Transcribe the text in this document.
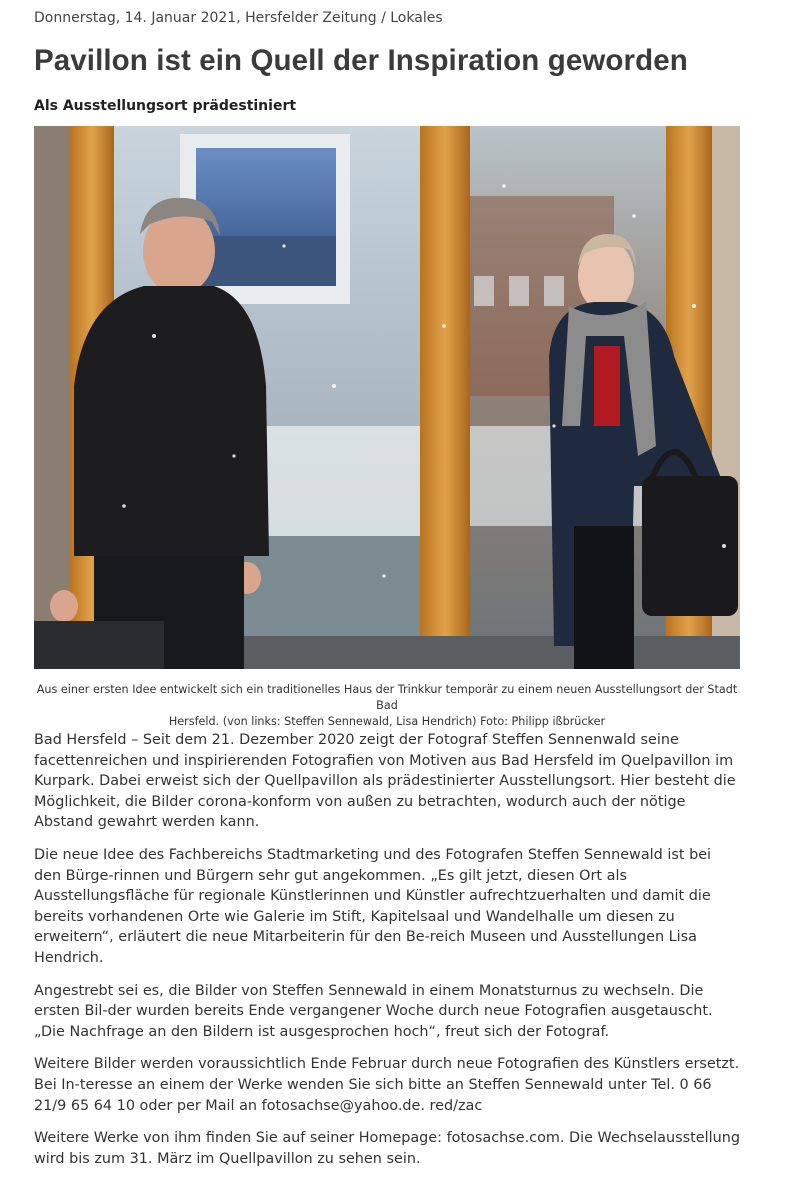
Donnerstag, 14. Januar 2021, Hersfelder Zeitung / Lokales
Pavillon ist ein Quell der Inspiration geworden
Als Ausstellungsort prädestiniert
Aus einer ersten Idee entwickelt sich ein traditionelles Haus der Trinkkur temporär zu einem neuen Ausstellungsort der Stadt Bad
Hersfeld. (von links: Steffen Sennewald, Lisa Hendrich) Foto: Philipp ißbrücker

Bad Hersfeld – Seit dem 21. Dezember 2020 zeigt der Fotograf Steffen Sennenwald seine facettenreichen und inspirierenden Fotografien von Motiven aus Bad Hersfeld im Quelpavillon im Kurpark. Dabei erweist sich der Quellpavillon als prädestinierter Ausstellungsort. Hier besteht die Möglichkeit, die Bilder corona-konform von außen zu betrachten, wodurch auch der nötige Abstand gewahrt werden kann.

Die neue Idee des Fachbereichs Stadtmarketing und des Fotografen Steffen Sennewald ist bei den Bürge-rinnen und Bürgern sehr gut angekommen. „Es gilt jetzt, diesen Ort als Ausstellungsfläche für regionale Künstlerinnen und Künstler aufrechtzuerhalten und damit die bereits vorhandenen Orte wie Galerie im Stift, Kapitelsaal und Wandelhalle um diesen zu erweitern“, erläutert die neue Mitarbeiterin für den Be-reich Museen und Ausstellungen Lisa Hendrich.

Angestrebt sei es, die Bilder von Steffen Sennewald in einem Monatsturnus zu wechseln. Die ersten Bil-der wurden bereits Ende vergangener Woche durch neue Fotografien ausgetauscht. „Die Nachfrage an den Bildern ist ausgesprochen hoch“, freut sich der Fotograf.

Weitere Bilder werden voraussichtlich Ende Februar durch neue Fotografien des Künstlers ersetzt. Bei In-teresse an einem der Werke wenden Sie sich bitte an Steffen Sennewald unter Tel. 0 66 21/9 65 64 10 oder per Mail an fotosachse@yahoo.de. red/zac

Weitere Werke von ihm finden Sie auf seiner Homepage: fotosachse.com. Die Wechselausstellung wird bis zum 31. März im Quellpavillon zu sehen sein.
